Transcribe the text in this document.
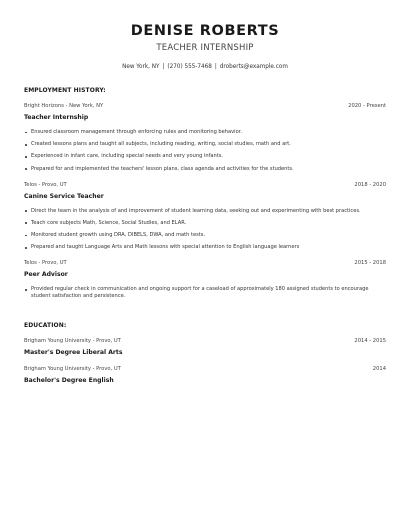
DENISE ROBERTS
TEACHER INTERNSHIP
New York, NY | (270) 555-7468 | droberts@example.com
EMPLOYMENT HISTORY:
Bright Horizons - New York, NY	2020 - Present
Teacher Internship
Ensured classroom management through enforcing rules and monitoring behavior.
Created lessons plans and taught all subjects, including reading, writing, social studies, math and art.
Experienced in infant care, including special needs and very young infants.
Prepared for and implemented the teachers' lesson plans, class agenda and activities for the students.
Telos - Provo, UT	2018 - 2020
Canine Service Teacher
Direct the team in the analysis of and improvement of student learning data, seeking out and experimenting with best practices.
Teach core subjects Math, Science, Social Studies, and ELAR.
Monitored student growth using DRA, DIBELS, DWA, and math tests.
Prepared and taught Language Arts and Math lessons with special attention to English language learners
Telos - Provo, UT	2015 - 2018
Peer Advisor
Provided regular check in communication and ongoing support for a caseload of approximately 180 assigned students to encourage student satisfaction and persistence.
EDUCATION:
Brigham Young University - Provo, UT	2014 - 2015
Master's Degree Liberal Arts
Brigham Young University - Provo, UT	2014
Bachelor's Degree English
